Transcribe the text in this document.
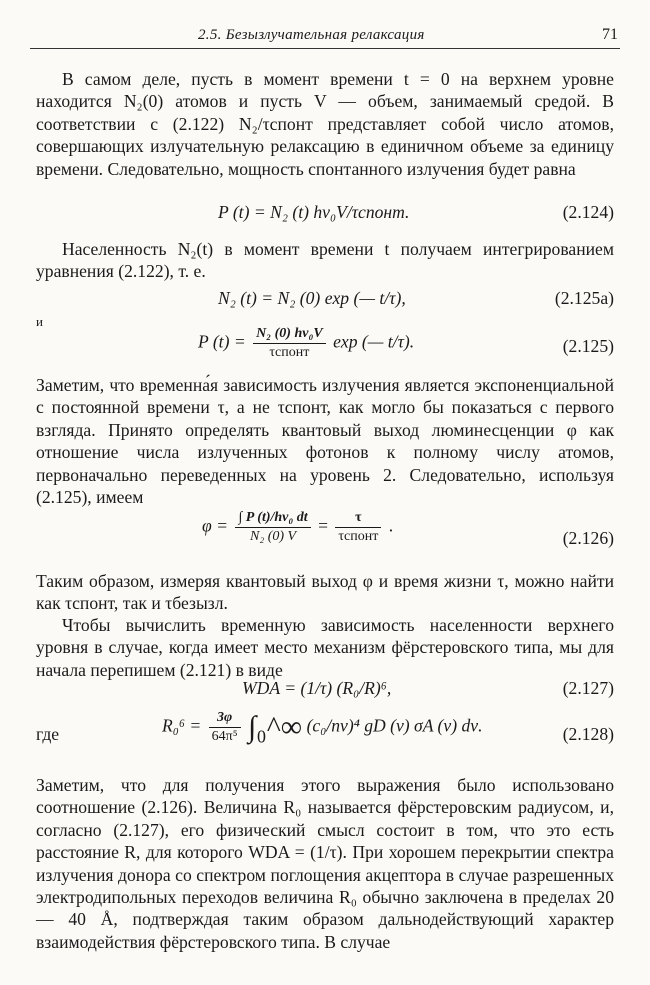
2.5. Безызлучательная релаксация	71

В самом деле, пусть в момент времени t = 0 на верхнем уровне находится N₂(0) атомов и пусть V — объем, занимаемый средой. В соответствии с (2.122) N₂/τспонт представляет собой число атомов, совершающих излучательную релаксацию в единичном объеме за единицу времени. Следовательно, мощность спонтанного излучения будет равна

P (t) = N₂ (t) hν₀V/τспонт.	(2.124)

Населенность N₂(t) в момент времени t получаем интегрированием уравнения (2.122), т. е.

N₂ (t) = N₂ (0) exp (— t/τ),	(2.125a)
и
P $(t) = \frac{\text{N₂ (0) hν₀V}}{\text{τспонт}}$ exp (— t/τ).	(2.125)

Заметим, что временна́я зависимость излучения является экспоненциальной с постоянной времени τ, а не τспонт, как могло бы показаться с первого взгляда. Принято определять квантовый выход люминесценции φ как отношение числа излученных фотонов к полному числу атомов, первоначально переведенных на уровень 2. Следовательно, используя (2.125), имеем

$\varphi = \frac{\text{∫ P (t)/hν₀ dt}}{\text{N₂ (0) V}} = \frac{\tau}{\text{τспонт}}$ .
(2.126)

Таким образом, измеряя квантовый выход φ и время жизни τ, можно найти как τспонт, так и τбезызл.

Чтобы вычислить временную зависимость населенности верхнего уровня в случае, когда имеет место механизм фёрстеровского типа, мы для начала перепишем (2.121) в виде

WDA = (1/τ) (R₀/R)⁶,	(2.127)
где	$R_0^6 = \frac{3\varphi}{\text{64π⁵}}$ ∫₀^∞ (c₀/nν)⁴ gD (ν) σA (ν) dν.	(2.128)

Заметим, что для получения этого выражения было использовано соотношение (2.126). Величина R₀ называется фёрстеровским радиусом, и, согласно (2.127), его физический смысл состоит в том, что это есть расстояние R, для которого WDA = (1/τ). При хорошем перекрытии спектра излучения донора со спектром поглощения акцептора в случае разрешенных электродипольных переходов величина R₀ обычно заключена в пределах 20 — 40 Å, подтверждая таким образом дальнодействующий характер взаимодействия фёрстеровского типа. В случае
